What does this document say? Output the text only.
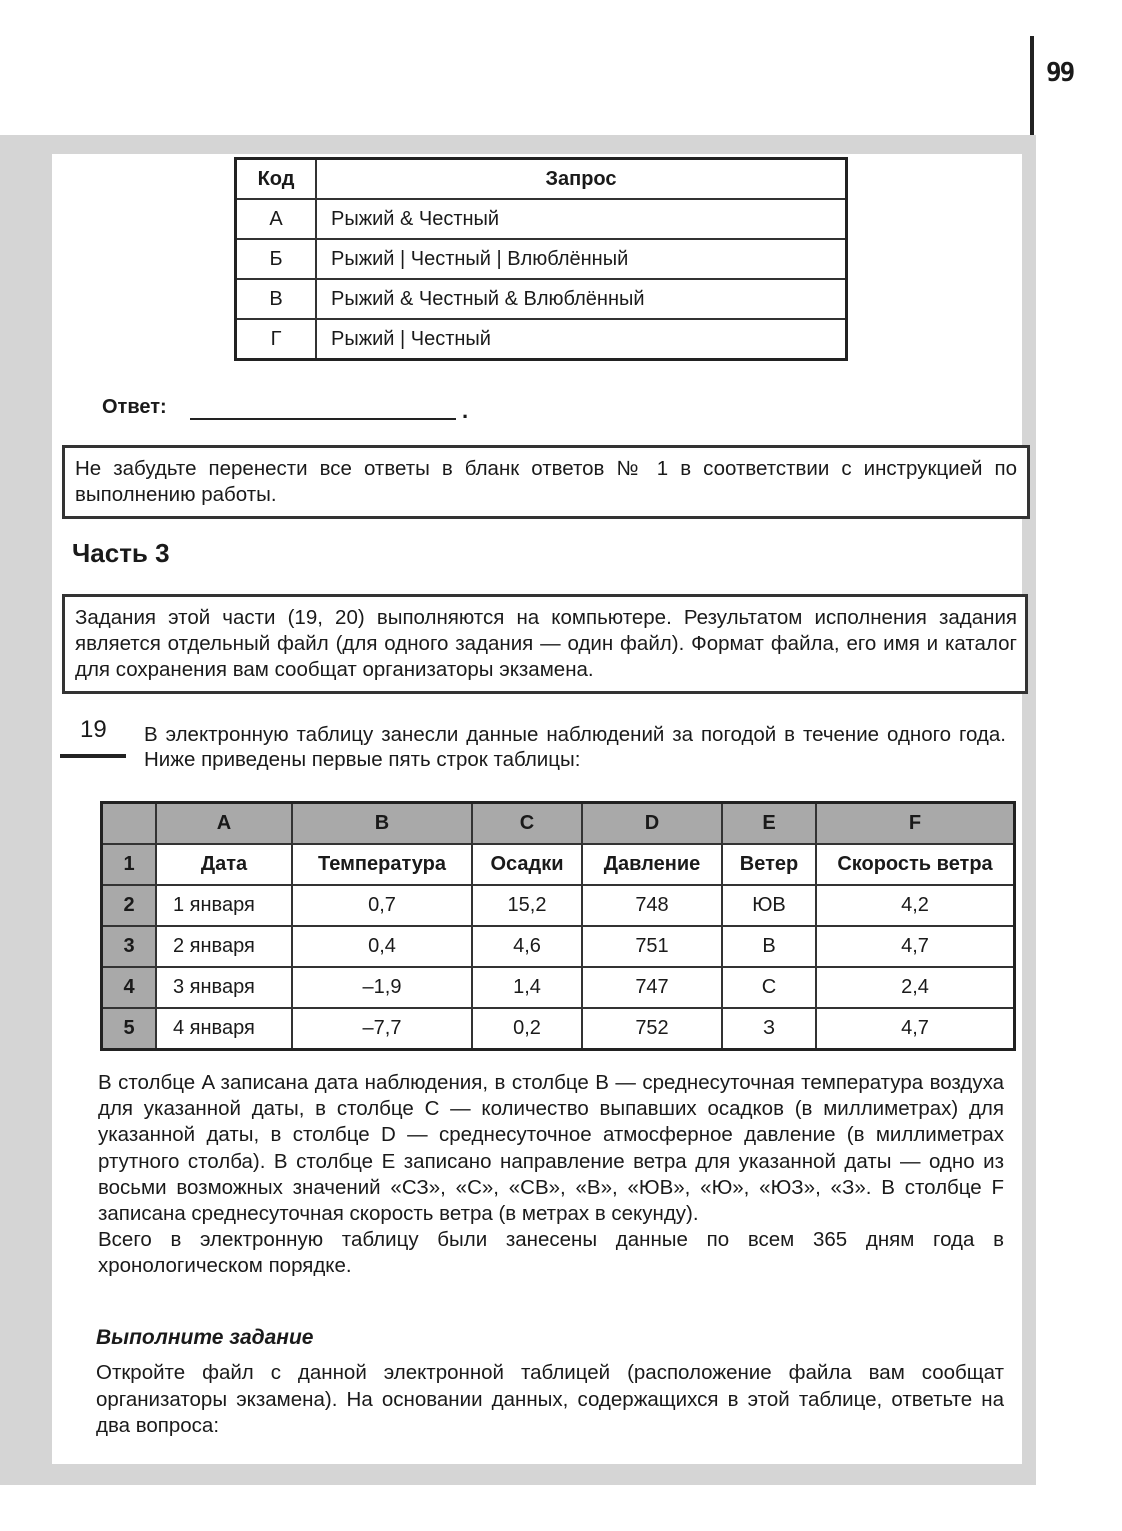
99
Код	Запрос
А	Рыжий & Честный
Б	Рыжий | Честный | Влюблённый
В	Рыжий & Честный & Влюблённый
Г	Рыжий | Честный
Ответ:	.
Не забудьте перенести все ответы в бланк ответов № 1 в соответствии с инструкцией по выполнению работы.
Часть 3
Задания этой части (19, 20) выполняются на компьютере. Результатом исполнения задания является отдельный файл (для одного задания — один файл). Формат файла, его имя и каталог для сохранения вам сообщат организаторы экзамена.
19 В электронную таблицу занесли данные наблюдений за погодой в течение одного года. Ниже приведены первые пять строк таблицы:
	A	B	C	D	E	F
1	Дата	Температура	Осадки	Давление	Ветер	Скорость ветра
2	1 января	0,7	15,2	748	ЮВ	4,2
3	2 января	0,4	4,6	751	В	4,7
4	3 января	–1,9	1,4	747	С	2,4
5	4 января	–7,7	0,2	752	З	4,7

В столбце A записана дата наблюдения, в столбце B — среднесуточная температура воздуха для указанной даты, в столбце C — количество выпавших осадков (в миллиметрах) для указанной даты, в столбце D — среднесуточное атмосферное давление (в миллиметрах ртутного столба). В столбце E записано направление ветра для указанной даты — одно из восьми возможных значений «СЗ», «С», «СВ», «В», «ЮВ», «Ю», «ЮЗ», «З». В столбце F записана среднесуточная скорость ветра (в метрах в секунду).

Всего в электронную таблицу были занесены данные по всем 365 дням года в хронологическом порядке.

Выполните задание
Откройте файл с данной электронной таблицей (расположение файла вам сообщат организаторы экзамена). На основании данных, содержащихся в этой таблице, ответьте на два вопроса:
